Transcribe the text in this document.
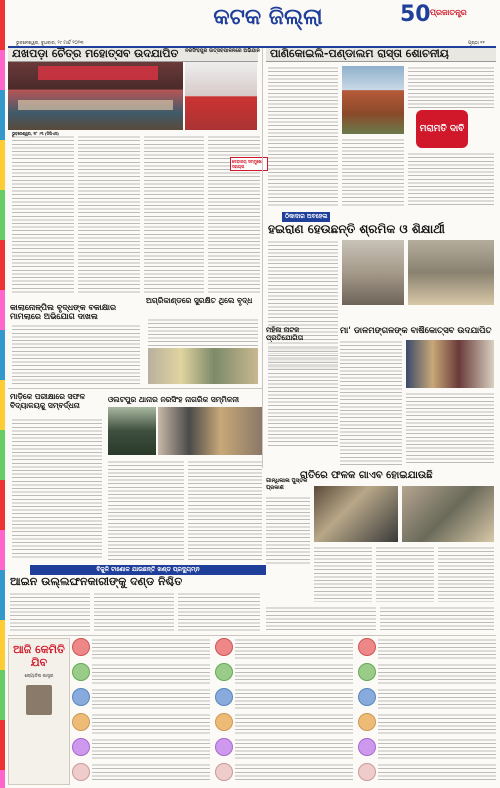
କଟକ ଜିଲ୍ଲା	50 ପ୍ରଜାତନ୍ତ୍ର
ଭୁବନେଶ୍ୱର, ବୁଧବାର, ୨୯ ମାର୍ଚ୍ଚ ୨୦୨୩	ପୃଷ୍ଠା ୧୧
ଯଖପଡ଼ା ଚୈତ୍ର ମହୋତ୍ସବ ଉଦଯାପିତ
ଭୁବନେଶ୍ୱର, ୨୮ ।୩ (ଡିପିଏସ)
କାଲାନୋଳ୍ପିଲ ବୃଦ୍ଧଙ୍କ ବକାକ୍ଷାର ମାମଲାରେ ଅଭିଯୋଗ ଦାଖଲ
ଅଗ୍ରିକାଣ୍ଡରେ ସୁରକ୍ଷିତ ଥିଲେ ବୃଦ୍ଧ
ନରସିଂହପୁର ଉତ୍ସବପାଳନରେ ଅଭିଯାନ
ଦେବାଳୟ ସମ୍ମୁଖେ ସହାୟତା
ପାଣିକୋଇଲି-ପଣ୍ଡାଲମ ରାସ୍ତା ଶୋଚନୀୟ
ମରାମତି ଦାବି
ଠିକାଦାର ଅବହେଳା
ହଇରାଣ ହେଉଛନ୍ତି ଶ୍ରମିକ ଓ ଶିକ୍ଷାର୍ଥୀ
ମା' ଡାଳମଙ୍ଗଳଙ୍କ ବାର୍ଷିକୋତ୍ସବ ଉଦଯାପିତ
ମହିଳା ନାଟକ ପ୍ରତିଯୋଗିତା
ମାଡ଼ିକେ ପରୀକ୍ଷାରେ ସଫଳ ବିଦ୍ୟାଳୟକୁ ସମ୍ବର୍ଦ୍ଧନା
ଓଲଟପୁର ଥାନାର ନରସିଂହ ନାଗରିକ ସମ୍ମିଳନୀ
ରାତିରେ ଫଳକ ଗାଏବ ହୋଇଯାଉଛି
ଗାନ୍ଧିଲୀଳା ପୁସ୍ତକ ପ୍ରକାଶ
ବିଜୁଳି ଟାଣୋଳ ଯାଉଛନ୍ତି ଖଣ୍ଡ ପ୍ରଦ୍ୟୁମ୍ନ
ଆଇନ ଉଲ୍ଲଙ୍ଘନକାରୀଙ୍କୁ ଦଣ୍ଡ ନିଶ୍ଚିତ
ଆଜି କେମିତି ଯିବ
ଜ୍ୟୋତିଷ ଶାସ୍ତ୍ର
